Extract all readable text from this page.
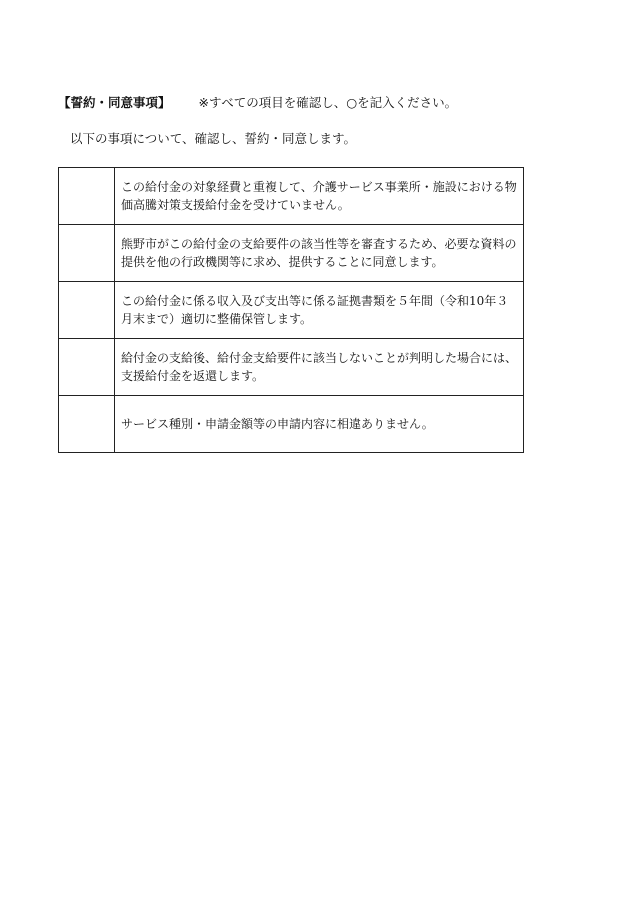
【誓約・同意事項】 ※すべての項目を確認し、○を記入ください。
以下の事項について、確認し、誓約・同意します。
	この給付金の対象経費と重複して、介護サービス事業所・施設における物価高騰対策支援給付金を受けていません。
	熊野市がこの給付金の支給要件の該当性等を審査するため、必要な資料の提供を他の行政機関等に求め、提供することに同意します。
	この給付金に係る収入及び支出等に係る証拠書類を５年間（令和10年３月末まで）適切に整備保管します。
	給付金の支給後、給付金支給要件に該当しないことが判明した場合には、支援給付金を返還します。
	サービス種別・申請金額等の申請内容に相違ありません。
